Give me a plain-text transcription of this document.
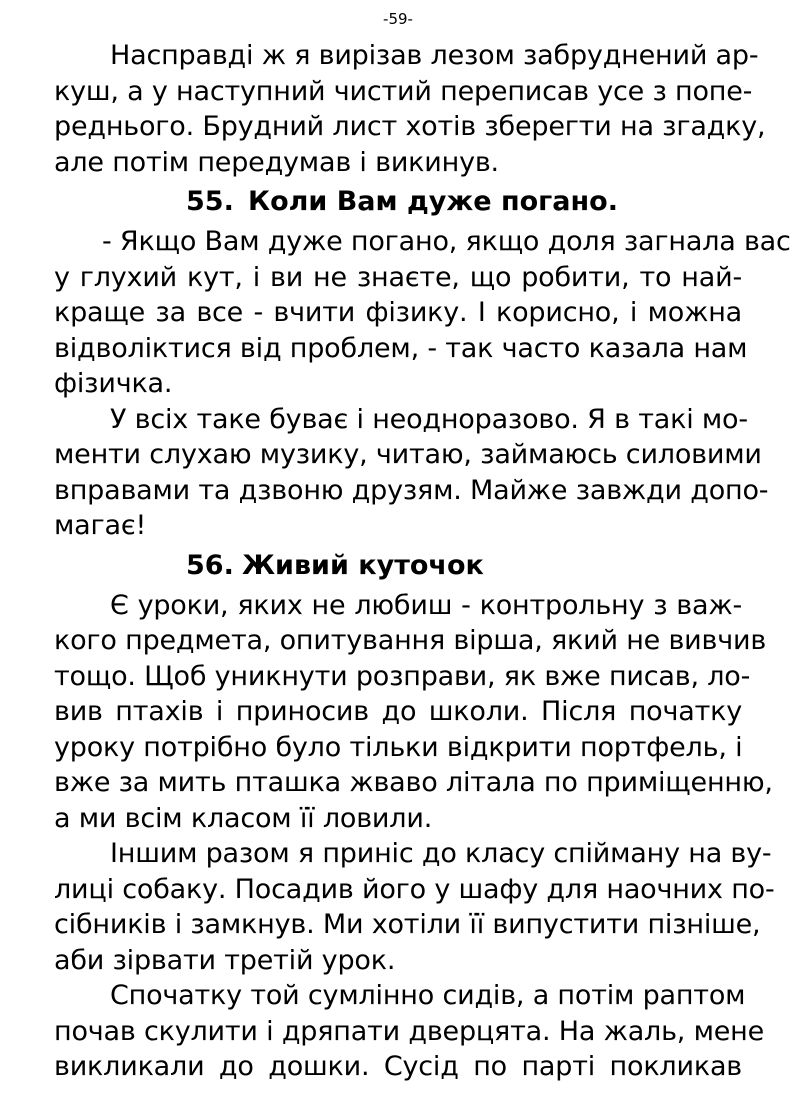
-59-
Насправді ж я вирізав лезом забруднений ар-
куш, а у наступний чистий переписав усе з попе-
реднього. Брудний лист хотів зберегти на згадку,
але потім передумав і викинув.
55. Коли Вам дуже погано.
- Якщо Вам дуже погано, якщо доля загнала вас
у глухий кут, і ви не знаєте, що робити, то най-
краще за все - вчити фізику. І корисно, і можна
відволіктися від проблем, - так часто казала нам
фізичка.
У всіх таке буває і неодноразово. Я в такі мо-
менти слухаю музику, читаю, займаюсь силовими
вправами та дзвоню друзям. Майже завжди допо-
магає!
56. Живий куточок
Є уроки, яких не любиш - контрольну з важ-
кого предмета, опитування вірша, який не вивчив
тощо. Щоб уникнути розправи, як вже писав, ло-
вив птахів і приносив до школи. Після початку
уроку потрібно було тільки відкрити портфель, і
вже за мить пташка жваво літала по приміщенню,
а ми всім класом її ловили.
Іншим разом я приніс до класу спійману на ву-
лиці собаку. Посадив його у шафу для наочних по-
сібників і замкнув. Ми хотіли її випустити пізніше,
аби зірвати третій урок.
Спочатку той сумлінно сидів, а потім раптом
почав скулити і дряпати дверцята. На жаль, мене
викликали до дошки. Сусід по парті покликав
